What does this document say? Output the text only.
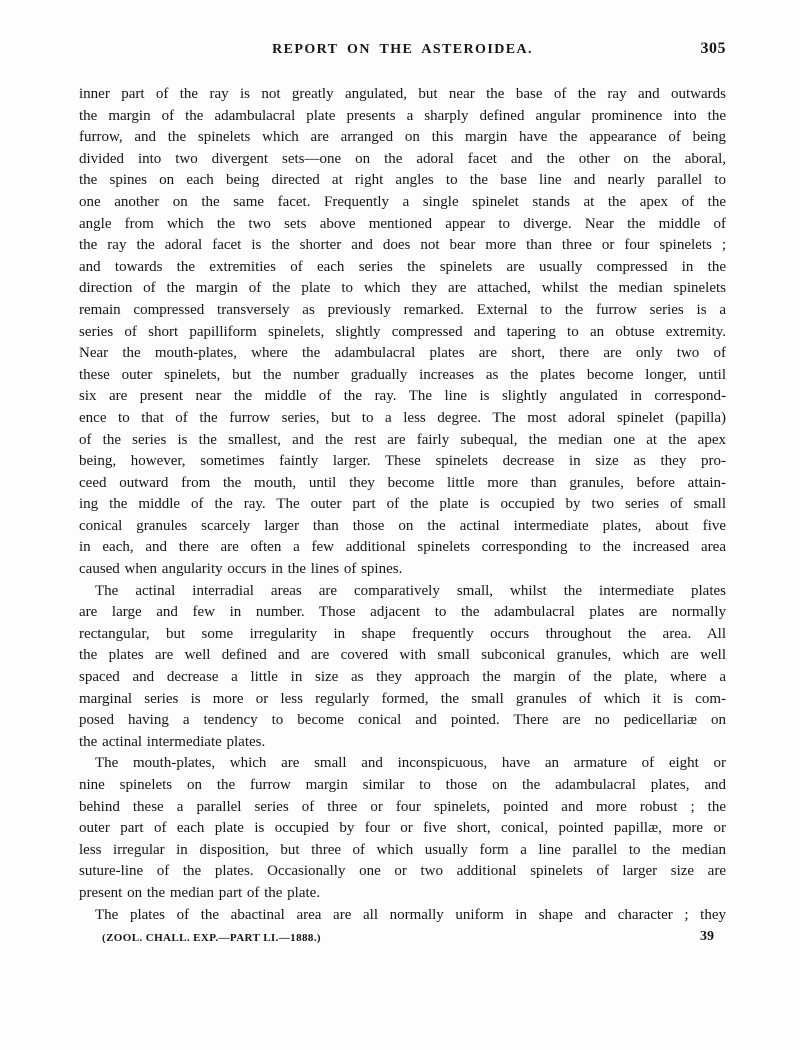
REPORT ON THE ASTEROIDEA.	305
inner part of the ray is not greatly angulated, but near the base of the ray and outwards
the margin of the adambulacral plate presents a sharply defined angular prominence into the
furrow, and the spinelets which are arranged on this margin have the appearance of being
divided into two divergent sets—one on the adoral facet and the other on the aboral,
the spines on each being directed at right angles to the base line and nearly parallel to
one another on the same facet. Frequently a single spinelet stands at the apex of the
angle from which the two sets above mentioned appear to diverge. Near the middle of
the ray the adoral facet is the shorter and does not bear more than three or four spinelets ;
and towards the extremities of each series the spinelets are usually compressed in the
direction of the margin of the plate to which they are attached, whilst the median spinelets
remain compressed transversely as previously remarked. External to the furrow series is a
series of short papilliform spinelets, slightly compressed and tapering to an obtuse extremity.
Near the mouth-plates, where the adambulacral plates are short, there are only two of
these outer spinelets, but the number gradually increases as the plates become longer, until
six are present near the middle of the ray. The line is slightly angulated in correspond-
ence to that of the furrow series, but to a less degree. The most adoral spinelet (papilla)
of the series is the smallest, and the rest are fairly subequal, the median one at the apex
being, however, sometimes faintly larger. These spinelets decrease in size as they pro-
ceed outward from the mouth, until they become little more than granules, before attain-
ing the middle of the ray. The outer part of the plate is occupied by two series of small
conical granules scarcely larger than those on the actinal intermediate plates, about five
in each, and there are often a few additional spinelets corresponding to the increased area
caused when angularity occurs in the lines of spines.
The actinal interradial areas are comparatively small, whilst the intermediate plates
are large and few in number. Those adjacent to the adambulacral plates are normally
rectangular, but some irregularity in shape frequently occurs throughout the area. All
the plates are well defined and are covered with small subconical granules, which are well
spaced and decrease a little in size as they approach the margin of the plate, where a
marginal series is more or less regularly formed, the small granules of which it is com-
posed having a tendency to become conical and pointed. There are no pedicellariæ on
the actinal intermediate plates.
The mouth-plates, which are small and inconspicuous, have an armature of eight or
nine spinelets on the furrow margin similar to those on the adambulacral plates, and
behind these a parallel series of three or four spinelets, pointed and more robust ; the
outer part of each plate is occupied by four or five short, conical, pointed papillæ, more or
less irregular in disposition, but three of which usually form a line parallel to the median
suture-line of the plates. Occasionally one or two additional spinelets of larger size are
present on the median part of the plate.
The plates of the abactinal area are all normally uniform in shape and character ; they
(ZOOL. CHALL. EXP.—PART LI.—1888.)	39
